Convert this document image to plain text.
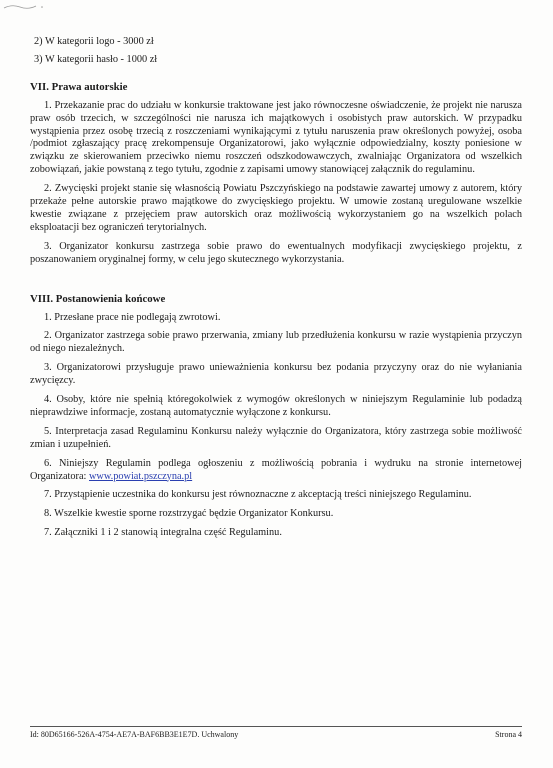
2) W kategorii logo - 3000 zł
3) W kategorii hasło - 1000 zł
VII. Prawa autorskie

1. Przekazanie prac do udziału w konkursie traktowane jest jako równoczesne oświadczenie, że projekt nie narusza praw osób trzecich, w szczególności nie narusza ich majątkowych i osobistych praw autorskich. W przypadku wystąpienia przez osobę trzecią z roszczeniami wynikającymi z tytułu naruszenia praw określonych powyżej, osoba /podmiot zgłaszający pracę zrekompensuje Organizatorowi, jako wyłącznie odpowiedzialny, koszty poniesione w związku ze skierowaniem przeciwko niemu roszczeń odszkodowawczych, zwalniając Organizatora od wszelkich zobowiązań, jakie powstaną z tego tytułu, zgodnie z zapisami umowy stanowiącej załącznik do regulaminu.

2. Zwycięski projekt stanie się własnością Powiatu Pszczyńskiego na podstawie zawartej umowy z autorem, który przekaże pełne autorskie prawo majątkowe do zwycięskiego projektu. W umowie zostaną uregulowane wszelkie kwestie związane z przejęciem praw autorskich oraz możliwością wykorzystaniem go na wszelkich polach eksploatacji bez ograniczeń terytorialnych.

3. Organizator konkursu zastrzega sobie prawo do ewentualnych modyfikacji zwycięskiego projektu, z poszanowaniem oryginalnej formy, w celu jego skutecznego wykorzystania.

VIII. Postanowienia końcowe

1. Przesłane prace nie podlegają zwrotowi.

2. Organizator zastrzega sobie prawo przerwania, zmiany lub przedłużenia konkursu w razie wystąpienia przyczyn od niego niezależnych.

3. Organizatorowi przysługuje prawo unieważnienia konkursu bez podania przyczyny oraz do nie wyłaniania zwycięzcy.

4. Osoby, które nie spełnią któregokolwiek z wymogów określonych w niniejszym Regulaminie lub podadzą nieprawdziwe informacje, zostaną automatycznie wyłączone z konkursu.

5. Interpretacja zasad Regulaminu Konkursu należy wyłącznie do Organizatora, który zastrzega sobie możliwość zmian i uzupełnień.

6. Niniejszy Regulamin podlega ogłoszeniu z możliwością pobrania i wydruku na stronie internetowej Organizatora: www.powiat.pszczyna.pl

7. Przystąpienie uczestnika do konkursu jest równoznaczne z akceptacją treści niniejszego Regulaminu.

8. Wszelkie kwestie sporne rozstrzygać będzie Organizator Konkursu.

7. Załączniki 1 i 2 stanowią integralna część Regulaminu.

Id: 80D65166-526A-4754-AE7A-BAF6BB3E1E7D. Uchwalony	Strona 4
